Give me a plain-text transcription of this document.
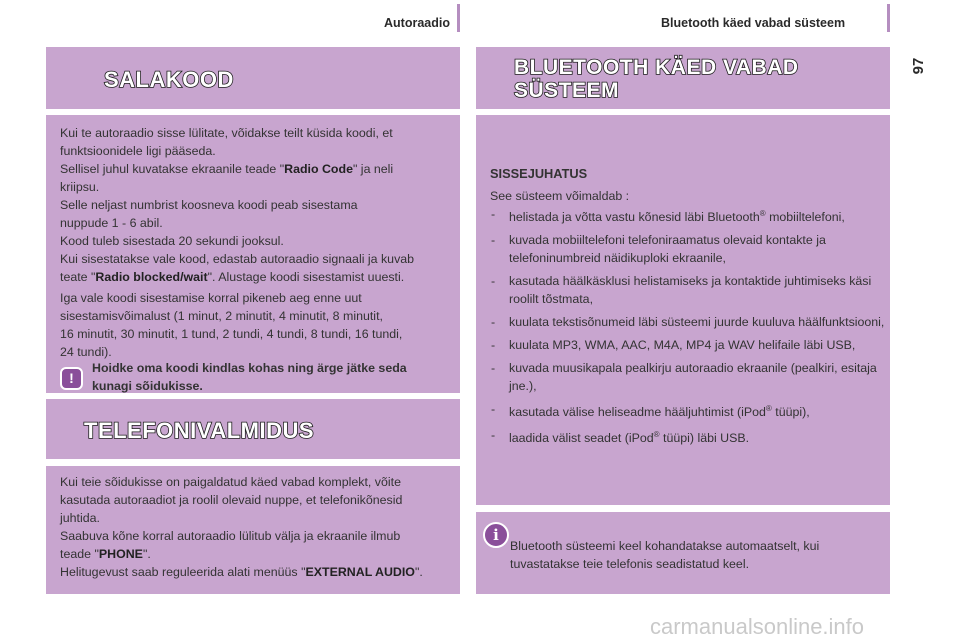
Autoraadio	Bluetooth käed vabad süsteem
97
SALAKOOD

Kui te autoraadio sisse lülitate, võidakse teilt küsida koodi, et

funktsioonidele ligi pääseda.

Sellisel juhul kuvatakse ekraanile teade "Radio Code" ja neli

kriipsu.

Selle neljast numbrist koosneva koodi peab sisestama

nuppude 1 - 6 abil.

Kood tuleb sisestada 20 sekundi jooksul.

Kui sisestatakse vale kood, edastab autoraadio signaali ja kuvab

teate "Radio blocked/wait". Alustage koodi sisestamist uuesti.

Iga vale koodi sisestamise korral pikeneb aeg enne uut

sisestamisvõimalust (1 minut, 2 minutit, 4 minutit, 8 minutit,

16 minutit, 30 minutit, 1 tund, 2 tundi, 4 tundi, 8 tundi, 16 tundi,

24 tundi).

!

Hoidke oma koodi kindlas kohas ning ärge jätke seda

kunagi sõidukisse.

TELEFONIVALMIDUS

Kui teie sõidukisse on paigaldatud käed vabad komplekt, võite

kasutada autoraadiot ja roolil olevaid nuppe, et telefonikõnesid

juhtida.

Saabuva kõne korral autoraadio lülitub välja ja ekraanile ilmub

teade "PHONE".

Helitugevust saab reguleerida alati menüüs "EXTERNAL AUDIO".

BLUETOOTH KÄED VABAD
SÜSTEEM
SISSEJUHATUS
See süsteem võimaldab :
- helistada ja võtta vastu kõnesid läbi Bluetooth® mobiiltelefoni,
- kuvada mobiiltelefoni telefoniraamatus olevaid kontakte ja telefoninumbreid näidikuploki ekraanile,
- kasutada häälkäsklusi helistamiseks ja kontaktide juhtimiseks käsi roolilt tõstmata,
- kuulata tekstisõnumeid läbi süsteemi juurde kuuluva häälfunktsiooni,
- kuulata MP3, WMA, AAC, M4A, MP4 ja WAV helifaile läbi USB,
- kuvada muusikapala pealkirju autoraadio ekraanile (pealkiri, esitaja jne.),
- kasutada välise heliseadme hääljuhtimist (iPod® tüüpi),
- laadida välist seadet (iPod® tüüpi) läbi USB.
i

Bluetooth süsteemi keel kohandatakse automaatselt, kui

tuvastatakse teie telefonis seadistatud keel.

carmanualsonline.info
